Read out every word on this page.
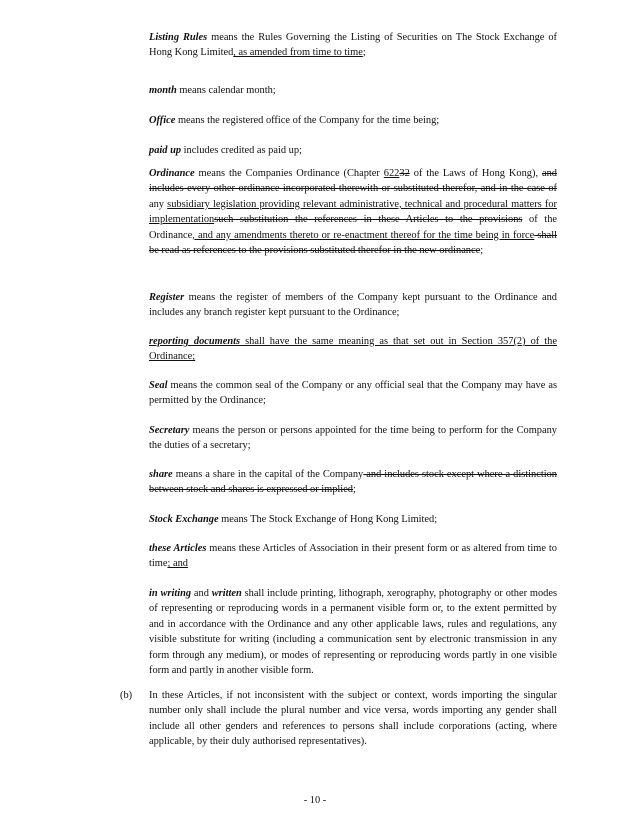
Listing Rules means the Rules Governing the Listing of Securities on The Stock Exchange of Hong Kong Limited, as amended from time to time;

month means calendar month;

Office means the registered office of the Company for the time being;

paid up includes credited as paid up;

Ordinance means the Companies Ordinance (Chapter 62232 of the Laws of Hong Kong), and includes every other ordinance incorporated therewith or substituted therefor, and in the case of any subsidiary legislation providing relevant administrative, technical and procedural matters for implementationsuch substitution the references in these Articles to the provisions of the Ordinance, and any amendments thereto or re-enactment thereof for the time being in force shall be read as references to the provisions substituted therefor in the new ordinance;

Register means the register of members of the Company kept pursuant to the Ordinance and includes any branch register kept pursuant to the Ordinance;

reporting documents shall have the same meaning as that set out in Section 357(2) of the Ordinance;

Seal means the common seal of the Company or any official seal that the Company may have as permitted by the Ordinance;

Secretary means the person or persons appointed for the time being to perform for the Company the duties of a secretary;

share means a share in the capital of the Company and includes stock except where a distinction between stock and shares is expressed or implied;

Stock Exchange means The Stock Exchange of Hong Kong Limited;

these Articles means these Articles of Association in their present form or as altered from time to time; and

in writing and written shall include printing, lithograph, xerography, photography or other modes of representing or reproducing words in a permanent visible form or, to the extent permitted by and in accordance with the Ordinance and any other applicable laws, rules and regulations, any visible substitute for writing (including a communication sent by electronic transmission in any form through any medium), or modes of representing or reproducing words partly in one visible form and partly in another visible form.

(b) In these Articles, if not inconsistent with the subject or context, words importing the singular number only shall include the plural number and vice versa, words importing any gender shall include all other genders and references to persons shall include corporations (acting, where applicable, by their duly authorised representatives).

- 10 -
